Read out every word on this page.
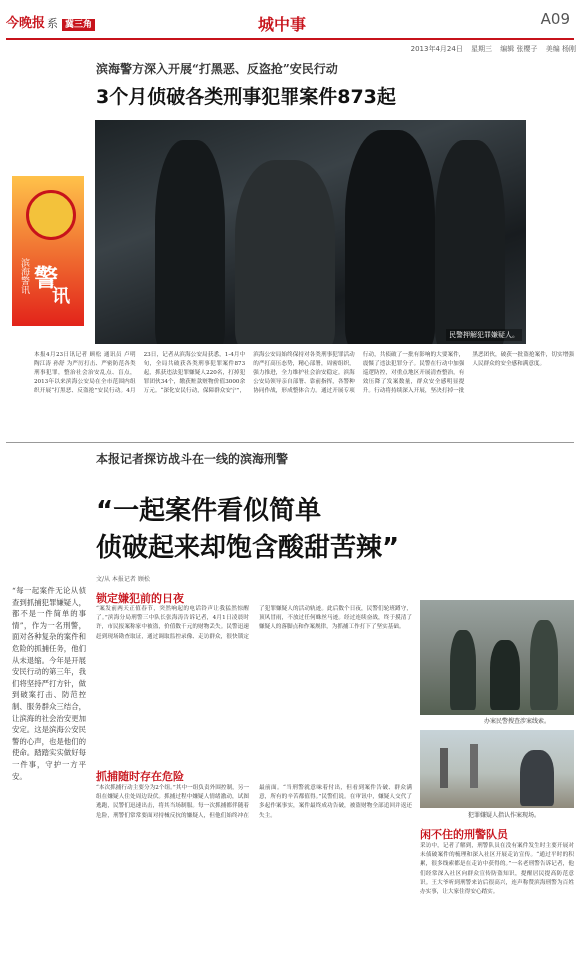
今晚报 系 冀三角	城中事	A09
2013年4月24日 星期三 编辑 张樱子 美编 杨刚
滨海警方深入开展“打黑恶、反盗抢”安民行动
3个月侦破各类刑事犯罪案件873起
民警押解犯罪嫌疑人。
滨海警讯 警
讯
本报4月23日讯记者 顾松 通讯员 卢明 陶江涛 孙舒 为严厉打击、严密防范各类刑事犯罪，整治社会治安乱点、盲点，2013年以来滨海公安局在全市范围内组织开展“打黑恶、反盗抢”安民行动。4月23日，记者从滨海公安局获悉，1-4月中旬，全局共破获各类刑事犯罪案件873起，抓获违法犯罪嫌疑人220名，打掉犯罪团伙34个，缴获赃款赃物价值3000余万元。“深化安民行动，保障群众安宁”，滨海公安局始终保持对各类刑事犯罪活动的严打高压态势，精心部署，周密组织，强力推进，全力维护社会治安稳定。滨海公安局领导亲自部署、靠前指挥，各警种协同作战，形成整体合力。通过开展专项行动，共侦破了一批有影响的大要案件，震慑了违法犯罪分子。民警在行动中加强巡逻防控，对重点地区开展清查整治，有效压降了发案数量，群众安全感明显提升。行动将持续深入开展，坚决打掉一批黑恶团伙，破获一批盗抢案件，切实增强人民群众的安全感和满意度。
本报记者探访战斗在一线的滨海刑警
“一起案件看似简单
侦破起来却饱含酸甜苦辣”
文/从 本报记者 顾松
“每一起案件无论从侦查到抓捕犯罪嫌疑人，都不是一件简单的事情”，作为一名刑警，面对各种复杂的案件和危险的抓捕任务，他们从未退缩。今年是开展安民行动的第三年，我们将坚持严打方针，做到破案打击、防范控制、服务群众三结合，让滨海的社会治安更加安定。这是滨海公安民警的心声，也是他们的使命。踏踏实实做好每一件事，守护一方平安。
锁定嫌犯前的日夜
“案发前两天正值春节，突然响起的电话铃声让我猛然惊醒了。”滨海分局刑警三中队长张海涛告诉记者，4月1日凌晨时许，市民报案称家中被盗，价值数千元的财物丢失。民警迅速赶到现场勘查取证，通过调取监控录像、走访群众，很快锁定了犯罪嫌疑人的活动轨迹。此后数个日夜，民警们轮班蹲守，顶风冒雨，不放过任何蛛丝马迹。经过连续奋战，终于摸清了嫌疑人的落脚点和作案规律，为抓捕工作打下了坚实基础。
抓捕随时存在危险
“本次抓捕行动主要分为2个组。”其中一组负责外围控制，另一组在嫌疑人住处周边设伏。抓捕过程中嫌疑人情绪激动，试图逃跑，民警们迅速出击，将其当场制服。每一次抓捕都伴随着危险，刑警们常常要面对持械反抗的嫌疑人，但他们始终冲在最前面。“当刑警就意味着付出，但看到案件告破、群众满意，所有的辛苦都值得。”民警们说。在审讯中，嫌疑人交代了多起作案事实，案件最终成功告破，被盗财物全部追回并返还失主。
办案民警搜查涉案线索。
犯罪嫌疑人指认作案现场。
闲不住的刑警队员
采访中，记者了解到，刑警队员在没有案件发生时主要开展对未侦破案件的梳理和深入社区开展走访宣传。“通过平时的积累，很多线索都是在走访中获得的。”一名老刑警告诉记者，他们经常深入社区向群众宣传防盗知识，提醒居民提高防范意识。王大爷听到刑警来访后很高兴，连声称赞滨海刑警为百姓办实事，让大家住得安心踏实。
